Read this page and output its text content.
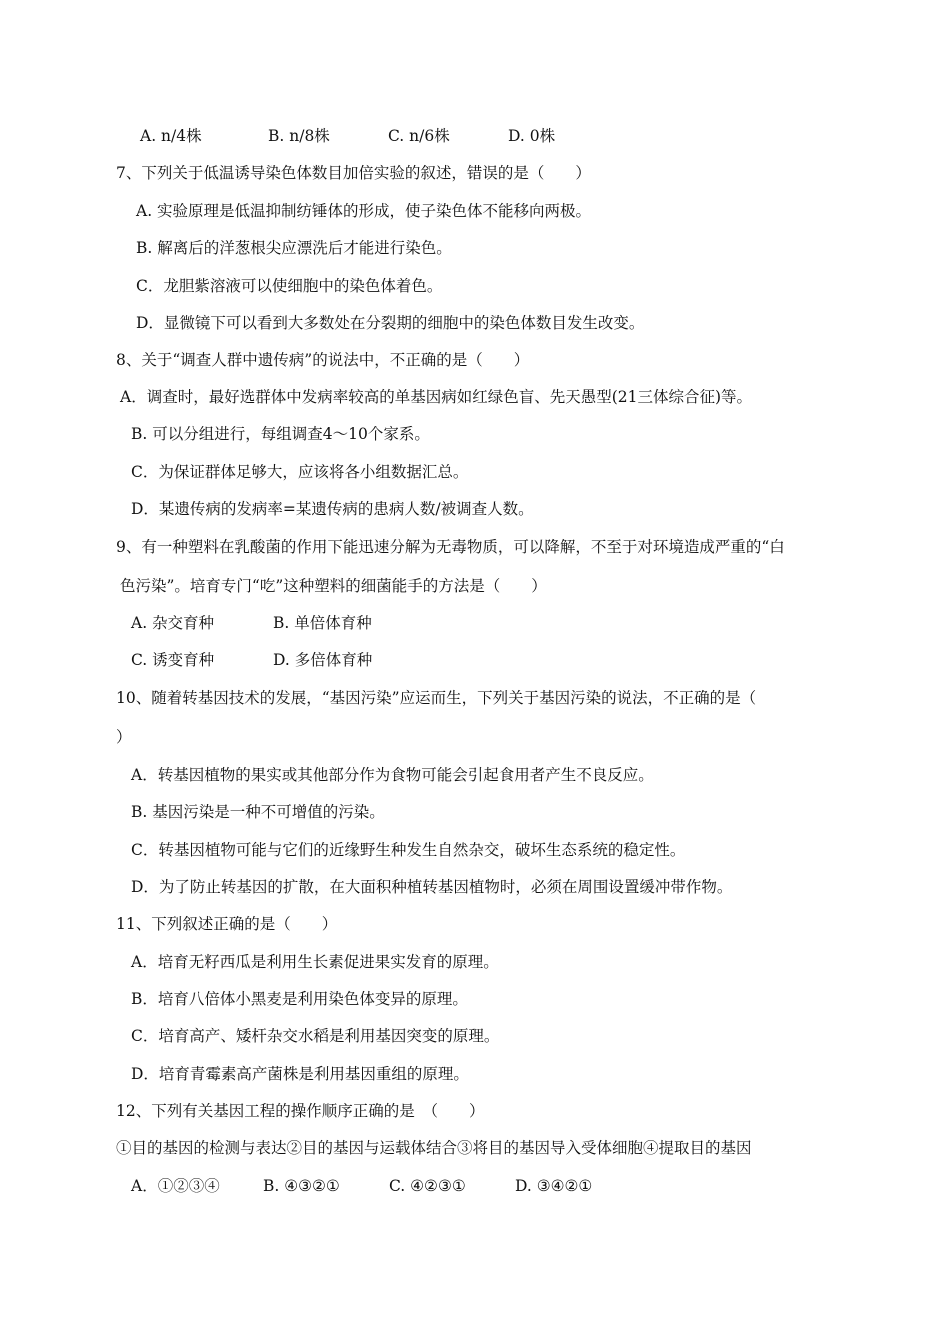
A. n/4株	B. n/8株	C. n/6株	D. 0株
7、下列关于低温诱导染色体数目加倍实验的叙述，错误的是（　　）
A. 实验原理是低温抑制纺锤体的形成，使子染色体不能移向两极。
B. 解离后的洋葱根尖应漂洗后才能进行染色。
C．龙胆紫溶液可以使细胞中的染色体着色。
D．显微镜下可以看到大多数处在分裂期的细胞中的染色体数目发生改变。
8、关于“调查人群中遗传病”的说法中，不正确的是（　　）
A．调查时，最好选群体中发病率较高的单基因病如红绿色盲、先天愚型(21三体综合征)等。
B. 可以分组进行，每组调查4～10个家系。
C．为保证群体足够大，应该将各小组数据汇总。
D．某遗传病的发病率=某遗传病的患病人数/被调查人数。
9、有一种塑料在乳酸菌的作用下能迅速分解为无毒物质，可以降解，不至于对环境造成严重的“白
色污染”。培育专门“吃”这种塑料的细菌能手的方法是（　　）
A. 杂交育种	B. 单倍体育种
C. 诱变育种	D. 多倍体育种
10、随着转基因技术的发展，“基因污染”应运而生，下列关于基因污染的说法，不正确的是（
）
A．转基因植物的果实或其他部分作为食物可能会引起食用者产生不良反应。
B. 基因污染是一种不可增值的污染。
C．转基因植物可能与它们的近缘野生种发生自然杂交，破坏生态系统的稳定性。
D．为了防止转基因的扩散，在大面积种植转基因植物时，必须在周围设置缓冲带作物。
11、下列叙述正确的是（　　）
A．培育无籽西瓜是利用生长素促进果实发育的原理。
B．培育八倍体小黑麦是利用染色体变异的原理。
C．培育高产、矮杆杂交水稻是利用基因突变的原理。
D．培育青霉素高产菌株是利用基因重组的原理。
12、下列有关基因工程的操作顺序正确的是　（　　）
①目的基因的检测与表达②目的基因与运载体结合③将目的基因导入受体细胞④提取目的基因
A．①②③④	B. ④③②①	C. ④②③①	D. ③④②①
